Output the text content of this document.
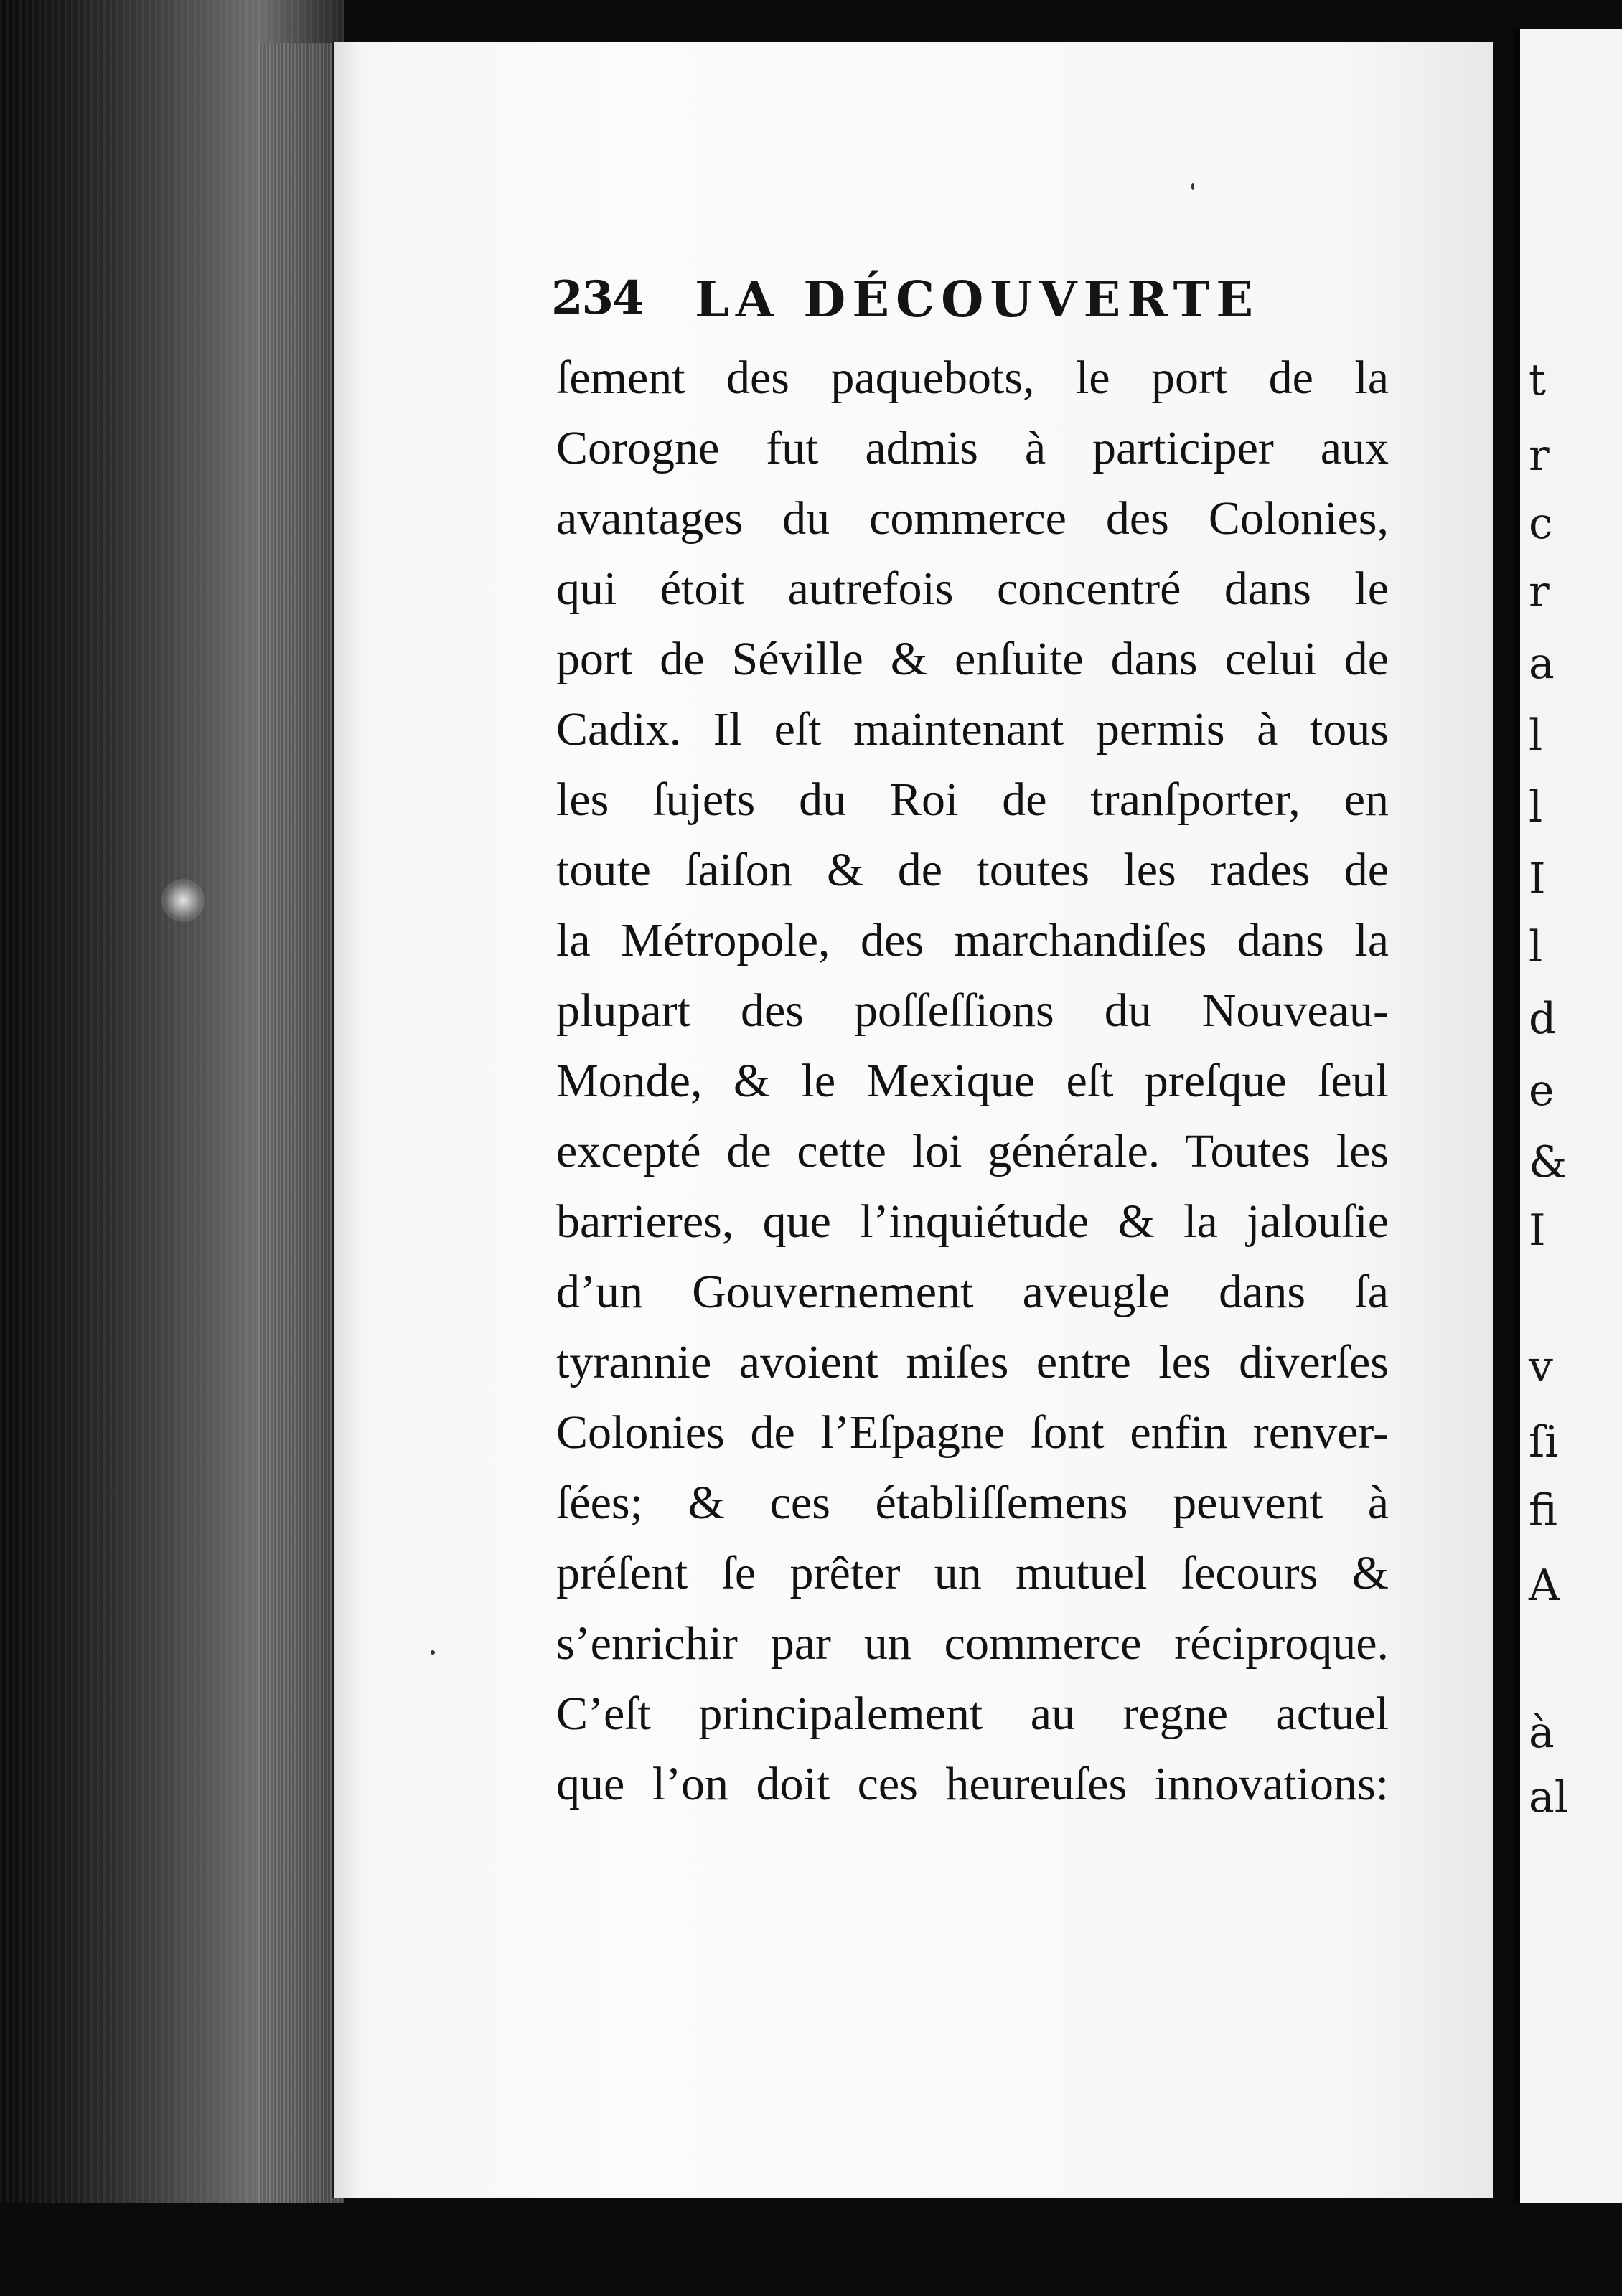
t
r
c
r
a
l
l
I
l
d
e
&
I
v
ſi
fi
A
à
al
234 LA DÉCOUVERTE
ſement des paquebots, le port de la
Corogne fut admis à participer aux
avantages du commerce des Colonies,
qui étoit autrefois concentré dans le
port de Séville & enſuite dans celui de
Cadix. Il eſt maintenant permis à tous
les ſujets du Roi de tranſporter, en
toute ſaiſon & de toutes les rades de
la Métropole, des marchandiſes dans la
plupart des poſſeſſions du Nouveau-
Monde, & le Mexique eſt preſque ſeul
excepté de cette loi générale. Toutes les
barrieres, que l’inquiétude & la jalouſie
d’un Gouvernement aveugle dans ſa
tyrannie avoient miſes entre les diverſes
Colonies de l’Eſpagne ſont enfin renver-
ſées; & ces établiſſemens peuvent à
préſent ſe prêter un mutuel ſecours &
s’enrichir par un commerce réciproque.
C’eſt principalement au regne actuel
que l’on doit ces heureuſes innovations:
